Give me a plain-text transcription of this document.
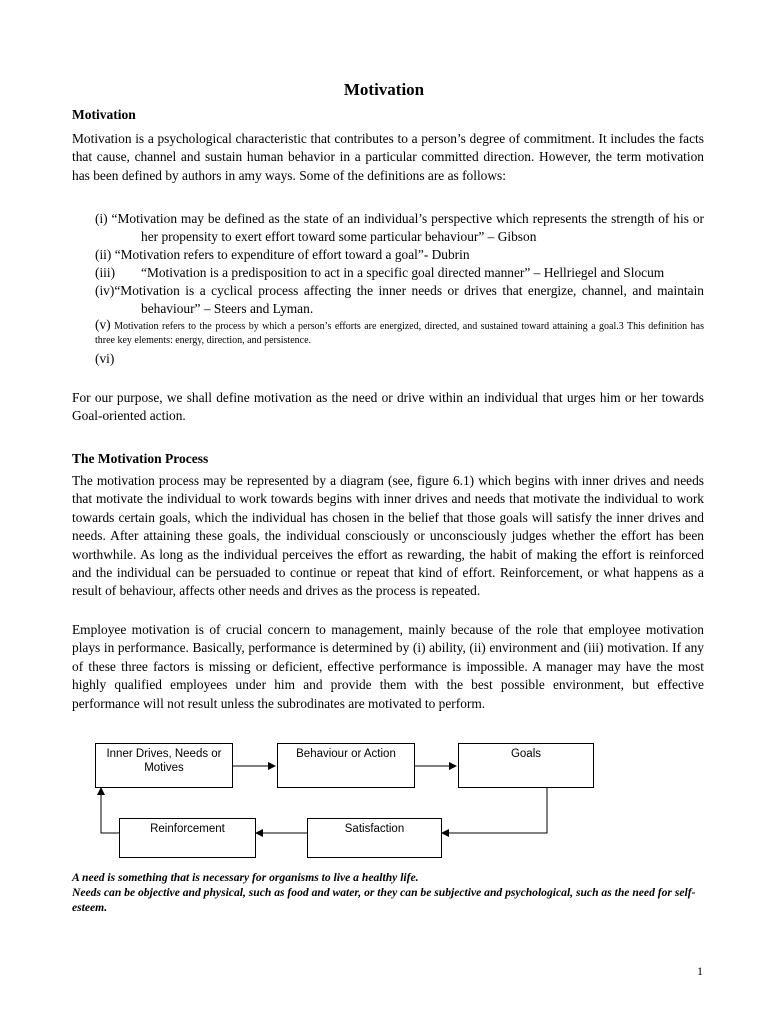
Motivation
Motivation
Motivation is a psychological characteristic that contributes to a person’s degree of commitment. It includes the facts that cause, channel and sustain human behavior in a particular committed direction. However, the term motivation has been defined by authors in amy ways. Some of the definitions are as follows:
(i) “Motivation may be defined as the state of an individual’s perspective which represents the strength of his or her propensity to exert effort toward some particular behaviour” – Gibson
(ii) “Motivation refers to expenditure of effort toward a goal”- Dubrin
(iii) “Motivation is a predisposition to act in a specific goal directed manner” – Hellriegel and Slocum
(iv)“Motivation is a cyclical process affecting the inner needs or drives that energize, channel, and maintain behaviour” – Steers and Lyman.
(v) Motivation refers to the process by which a person’s efforts are energized, directed, and sustained toward attaining a goal.3 This definition has three key elements: energy, direction, and persistence.
(vi)
For our purpose, we shall define motivation as the need or drive within an individual that urges him or her towards Goal-oriented action.
The Motivation Process
The motivation process may be represented by a diagram (see, figure 6.1) which begins with inner drives and needs that motivate the individual to work towards begins with inner drives and needs that motivate the individual to work towards certain goals, which the individual has chosen in the belief that those goals will satisfy the inner drives and needs. After attaining these goals, the individual consciously or unconsciously judges whether the effort has been worthwhile. As long as the individual perceives the effort as rewarding, the habit of making the effort is reinforced and the individual can be persuaded to continue or repeat that kind of effort. Reinforcement, or what happens as a result of behaviour, affects other needs and drives as the process is repeated.
Employee motivation is of crucial concern to management, mainly because of the role that employee motivation plays in performance. Basically, performance is determined by (i) ability, (ii) environment and (iii) motivation. If any of these three factors is missing or deficient, effective performance is impossible. A manager may have the most highly qualified employees under him and provide them with the best possible environment, but effective performance will not result unless the subrodinates are motivated to perform.
Inner Drives, Needs or Motives
Behaviour or Action	Goals
Satisfaction
Reinforcement
A need is something that is necessary for organisms to live a healthy life.
Needs can be objective and physical, such as food and water, or they can be subjective and psychological, such as the need for self-esteem.
1
